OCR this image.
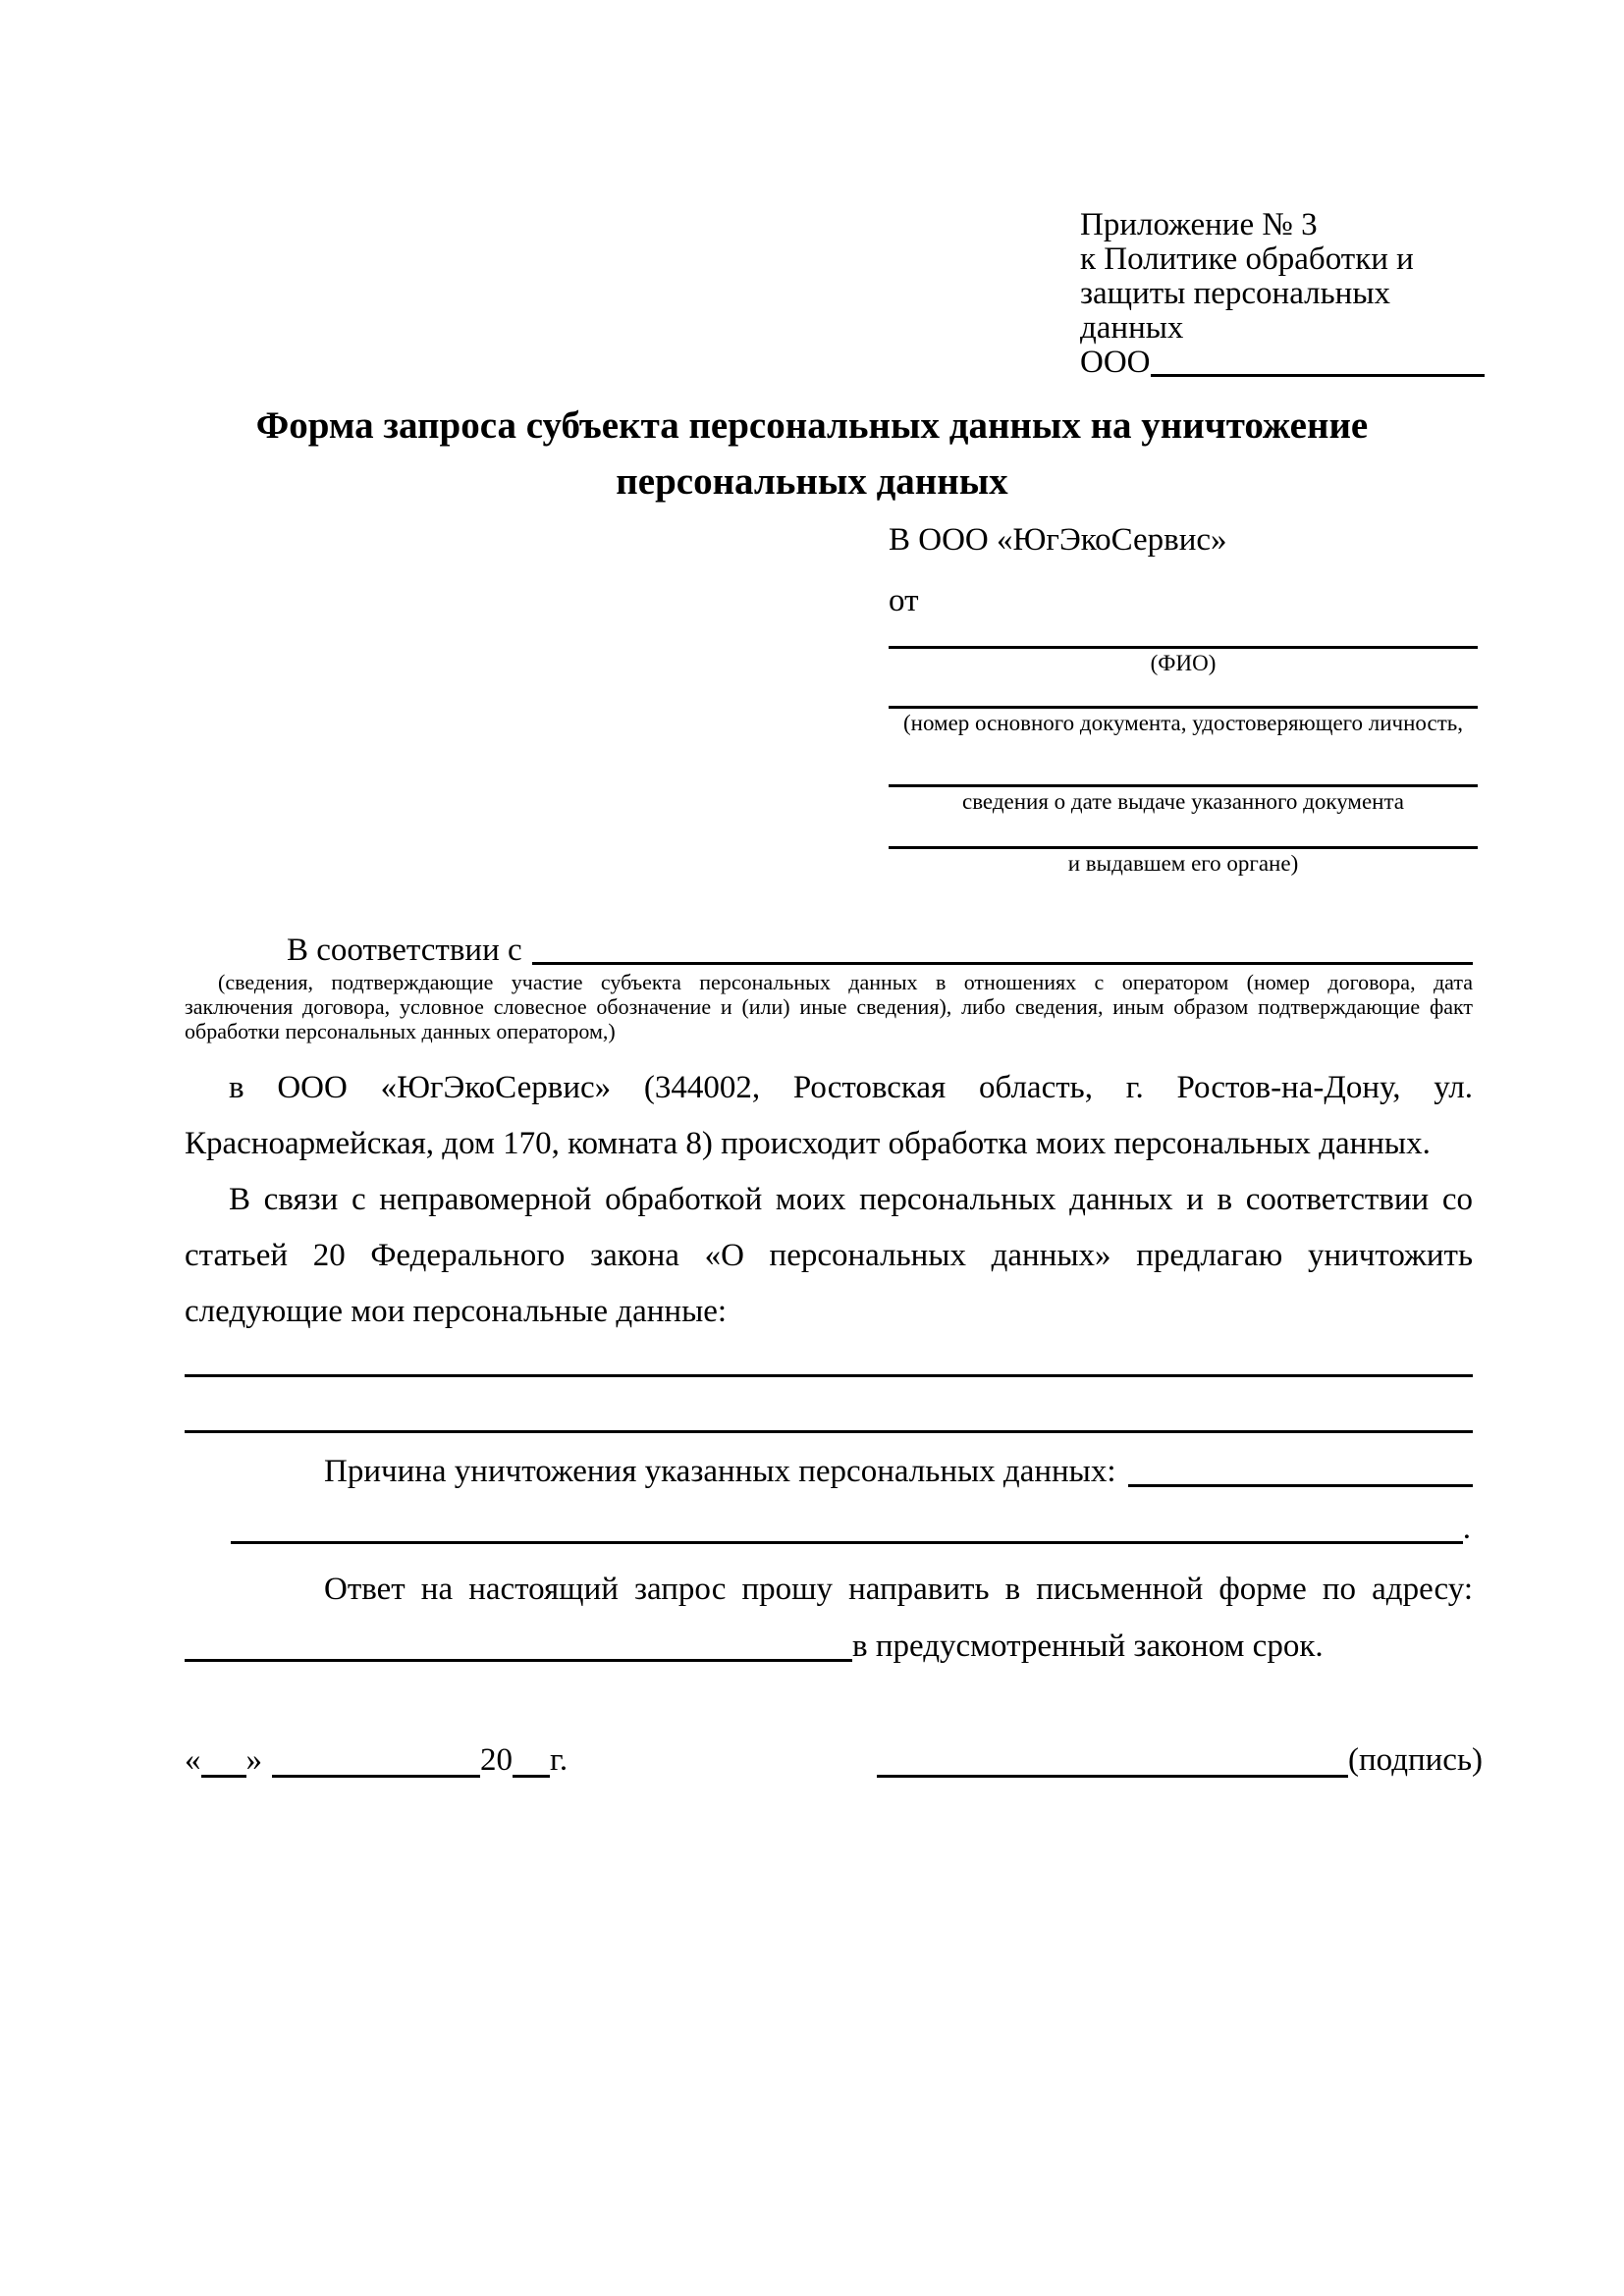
Приложение № 3
к Политике обработки и
защиты персональных данных
ООО
Форма запроса субъекта персональных данных на уничтожение
персональных данных
В ООО «ЮгЭкоСервис»
от
(ФИО)
(номер основного документа, удостоверяющего личность,
сведения о дате выдаче указанного документа
и выдавшем его органе)
В соответствии с
(сведения, подтверждающие участие субъекта персональных данных в отношениях с оператором (номер договора, дата
заключения договора, условное словесное обозначение и (или) иные сведения), либо сведения, иным образом подтверждающие факт
обработки персональных данных оператором,)
в ООО «ЮгЭкоСервис» (344002, Ростовская область, г. Ростов-на-Дону, ул.
Красноармейская, дом 170, комната 8) происходит обработка моих персональных данных.
В связи с неправомерной обработкой моих персональных данных и в соответствии со
статьей 20 Федерального закона «О персональных данных» предлагаю уничтожить
следующие мои персональные данные:
Причина уничтожения указанных персональных данных:
.
Ответ на настоящий запрос прошу направить в письменной форме по адресу:
в предусмотренный законом срок.
« »	20 г.	(подпись)
